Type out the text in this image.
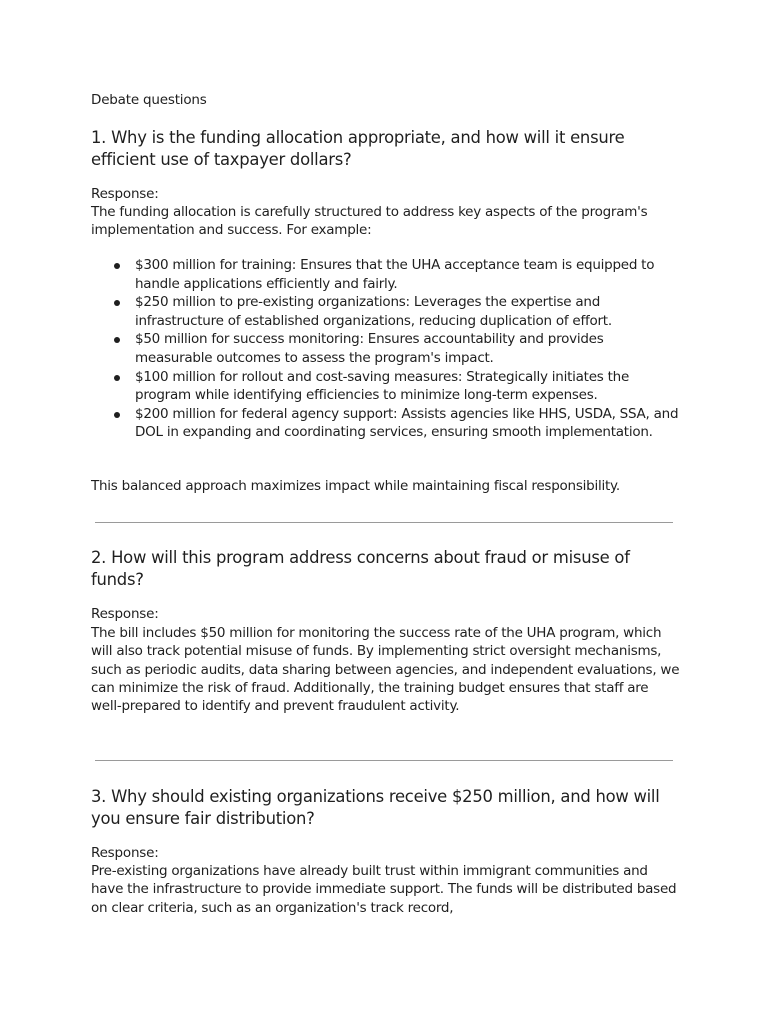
Debate questions
1. Why is the funding allocation appropriate, and how will it ensure efficient use of taxpayer dollars?
Response:
The funding allocation is carefully structured to address key aspects of the program's implementation and success. For example:
$300 million for training: Ensures that the UHA acceptance team is equipped to handle applications efficiently and fairly.
$250 million to pre-existing organizations: Leverages the expertise and infrastructure of established organizations, reducing duplication of effort.
$50 million for success monitoring: Ensures accountability and provides measurable outcomes to assess the program's impact.
$100 million for rollout and cost-saving measures: Strategically initiates the program while identifying efficiencies to minimize long-term expenses.
$200 million for federal agency support: Assists agencies like HHS, USDA, SSA, and DOL in expanding and coordinating services, ensuring smooth implementation.
This balanced approach maximizes impact while maintaining fiscal responsibility.
2. How will this program address concerns about fraud or misuse of funds?
Response:
The bill includes $50 million for monitoring the success rate of the UHA program, which will also track potential misuse of funds. By implementing strict oversight mechanisms, such as periodic audits, data sharing between agencies, and independent evaluations, we can minimize the risk of fraud. Additionally, the training budget ensures that staff are well-prepared to identify and prevent fraudulent activity.
3. Why should existing organizations receive $250 million, and how will you ensure fair distribution?
Response:
Pre-existing organizations have already built trust within immigrant communities and have the infrastructure to provide immediate support. The funds will be distributed based on clear criteria, such as an organization's track record,
